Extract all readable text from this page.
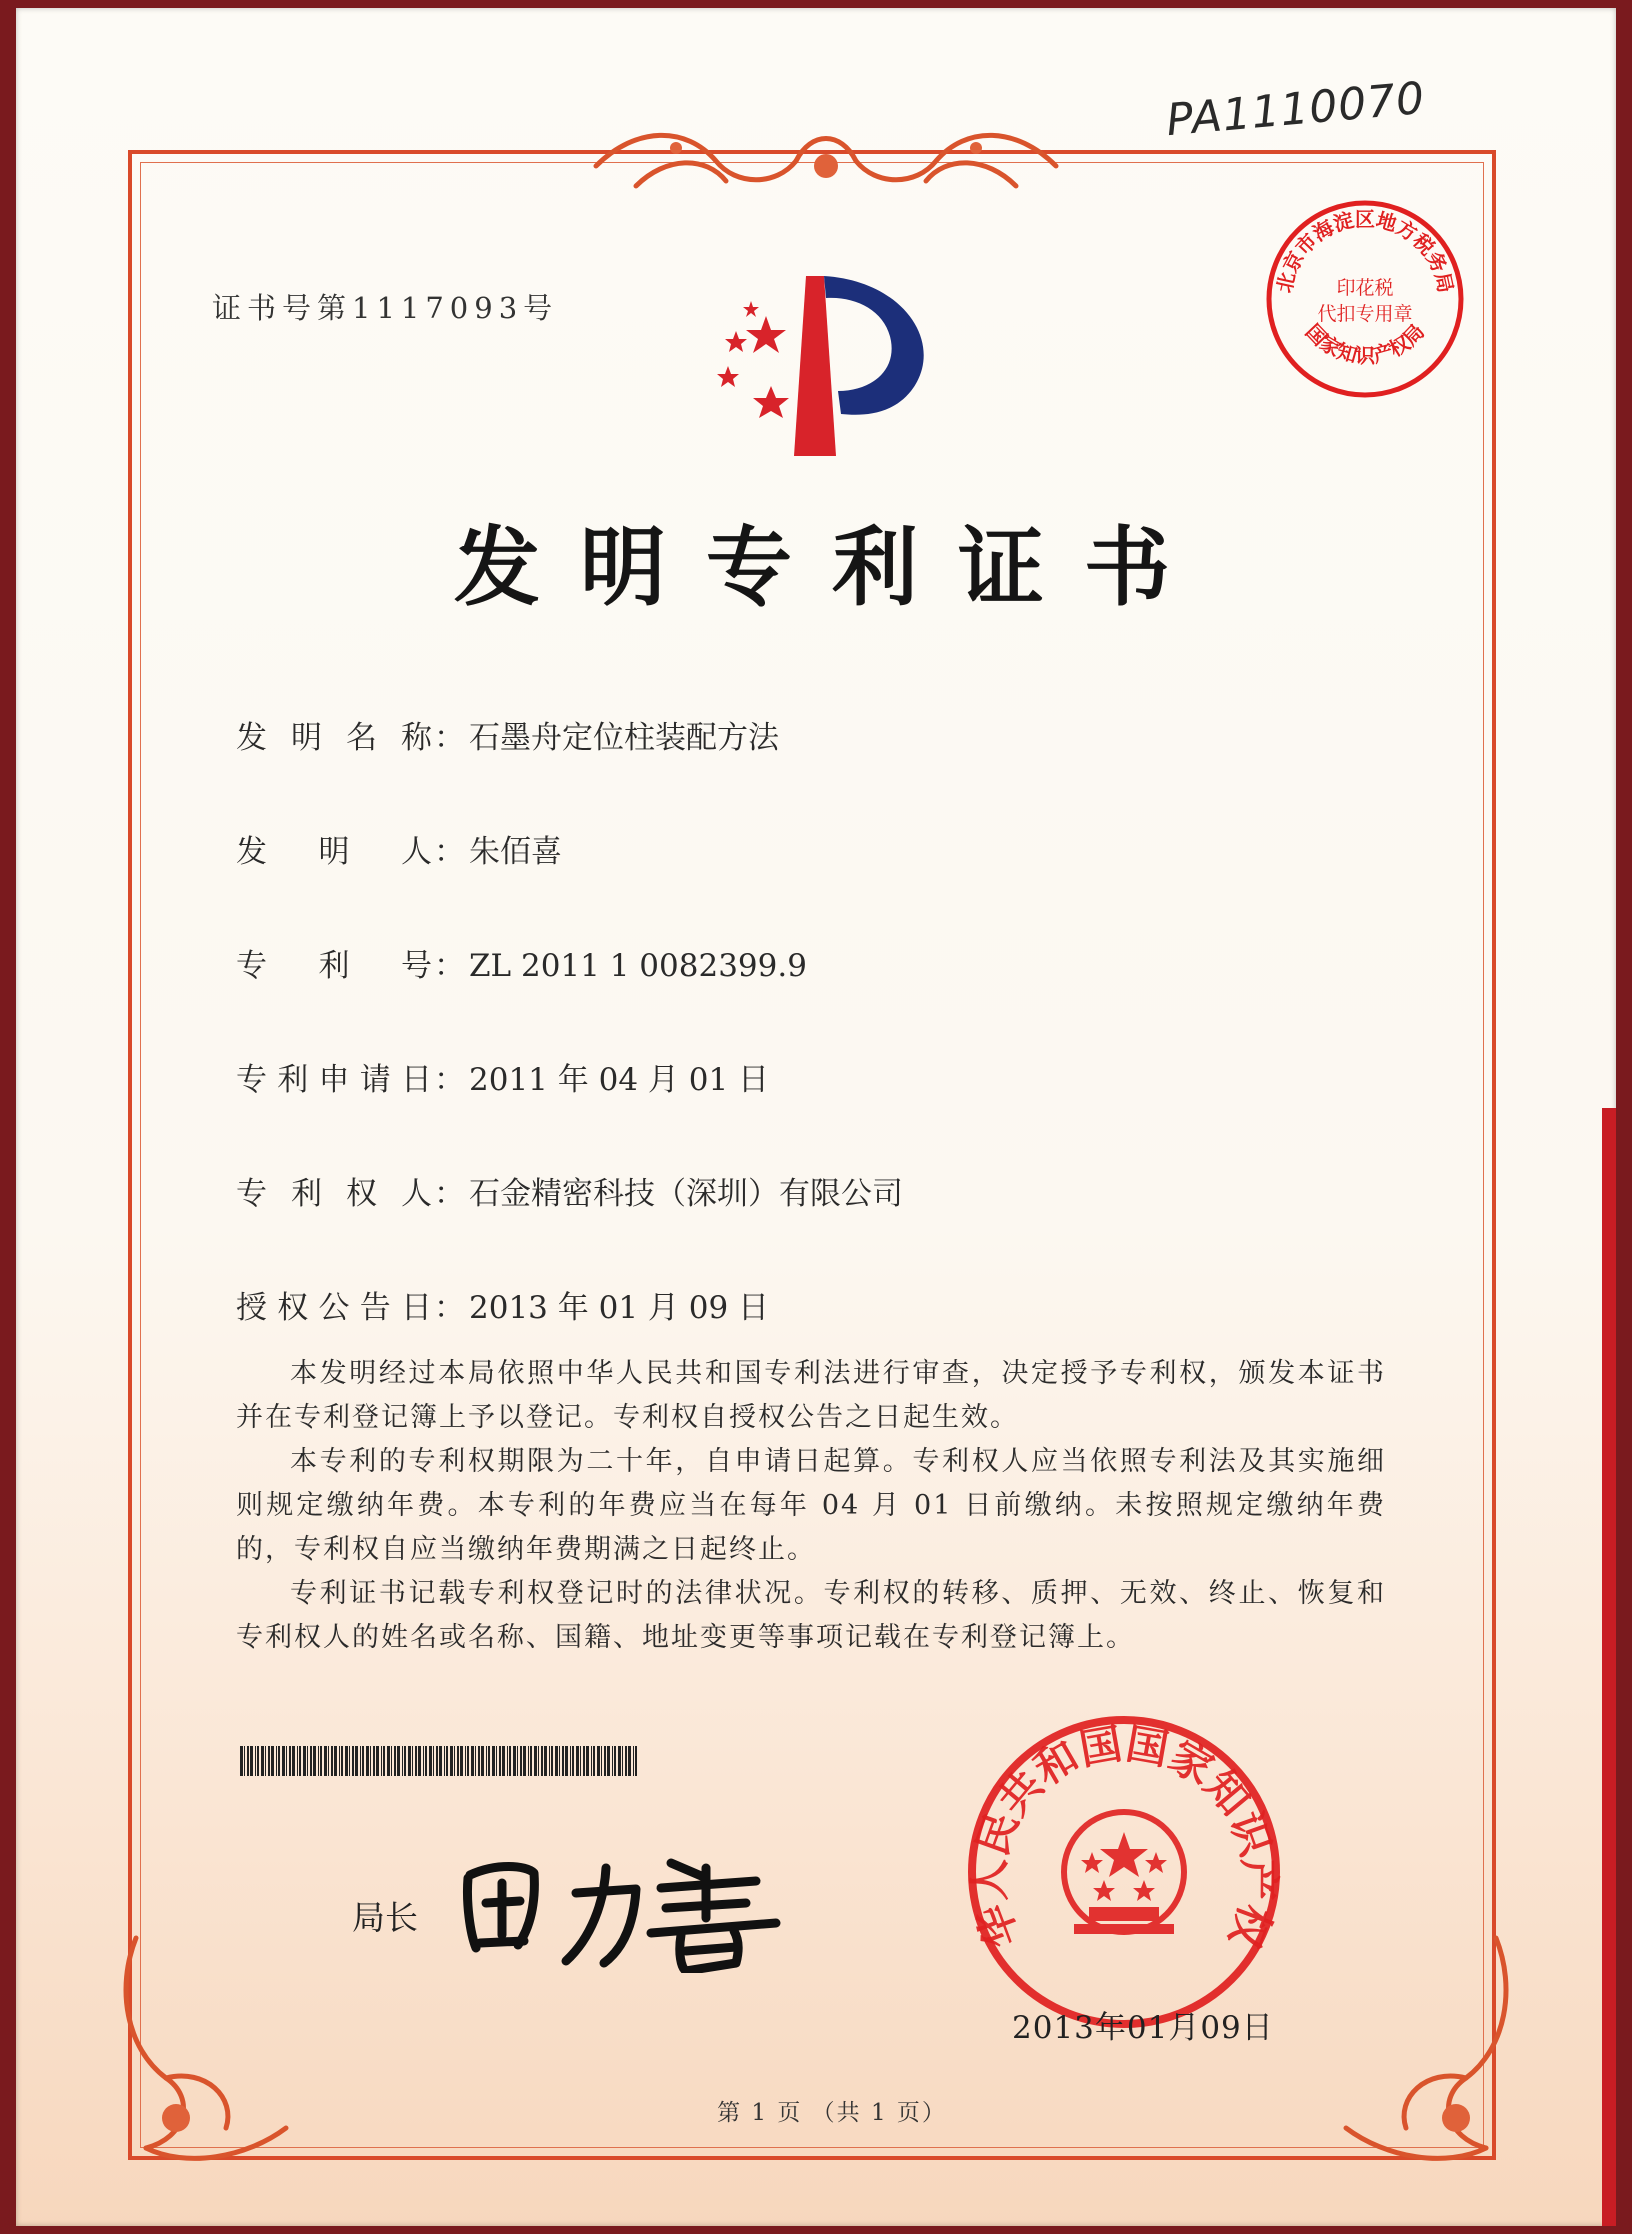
PA1110070
证书号第1117093号
北京市海淀区地方税务局
国家知识产权局
印花税
代扣专用章
发明专利证书
发明名称： 石墨舟定位柱装配方法
发明人： 朱佰喜
专利号： ZL 2011 1 0082399.9
专利申请日： 2011 年 04 月 01 日
专利权人： 石金精密科技（深圳）有限公司
授权公告日： 2013 年 01 月 09 日

本发明经过本局依照中华人民共和国专利法进行审查，决定授予专利权，颁发本证书并在专利登记簿上予以登记。专利权自授权公告之日起生效。

本专利的专利权期限为二十年，自申请日起算。专利权人应当依照专利法及其实施细则规定缴纳年费。本专利的年费应当在每年 04 月 01 日前缴纳。未按照规定缴纳年费的，专利权自应当缴纳年费期满之日起终止。

专利证书记载专利权登记时的法律状况。专利权的转移、质押、无效、终止、恢复和专利权人的姓名或名称、国籍、地址变更等事项记载在专利登记簿上。

局长	华人民共和国国家知识产权
2013年01月09日
第 1 页 （共 1 页）
